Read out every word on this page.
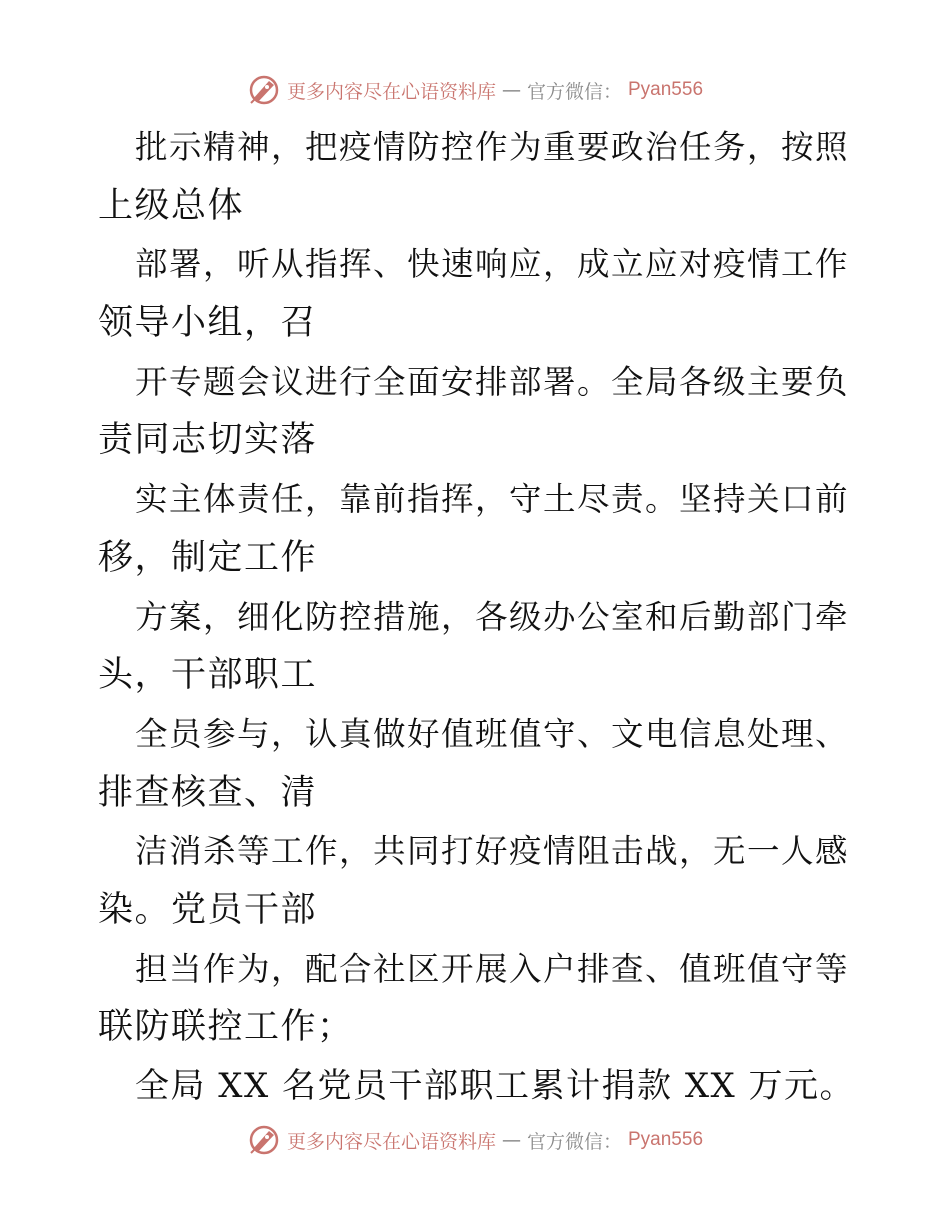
更多内容尽在心语资料库 — 官方微信： Pyan556
批示精神，把疫情防控作为重要政治任务，按照
上级总体
部署，听从指挥、快速响应，成立应对疫情工作
领导小组，召
开专题会议进行全面安排部署。全局各级主要负
责同志切实落
实主体责任，靠前指挥，守土尽责。坚持关口前
移，制定工作
方案，细化防控措施，各级办公室和后勤部门牵
头，干部职工
全员参与，认真做好值班值守、文电信息处理、
排查核查、清
洁消杀等工作，共同打好疫情阻击战，无一人感
染。党员干部
担当作为，配合社区开展入户排查、值班值守等
联防联控工作；
全局 XX 名党员干部职工累计捐款 XX 万元。
更多内容尽在心语资料库 — 官方微信： Pyan556
